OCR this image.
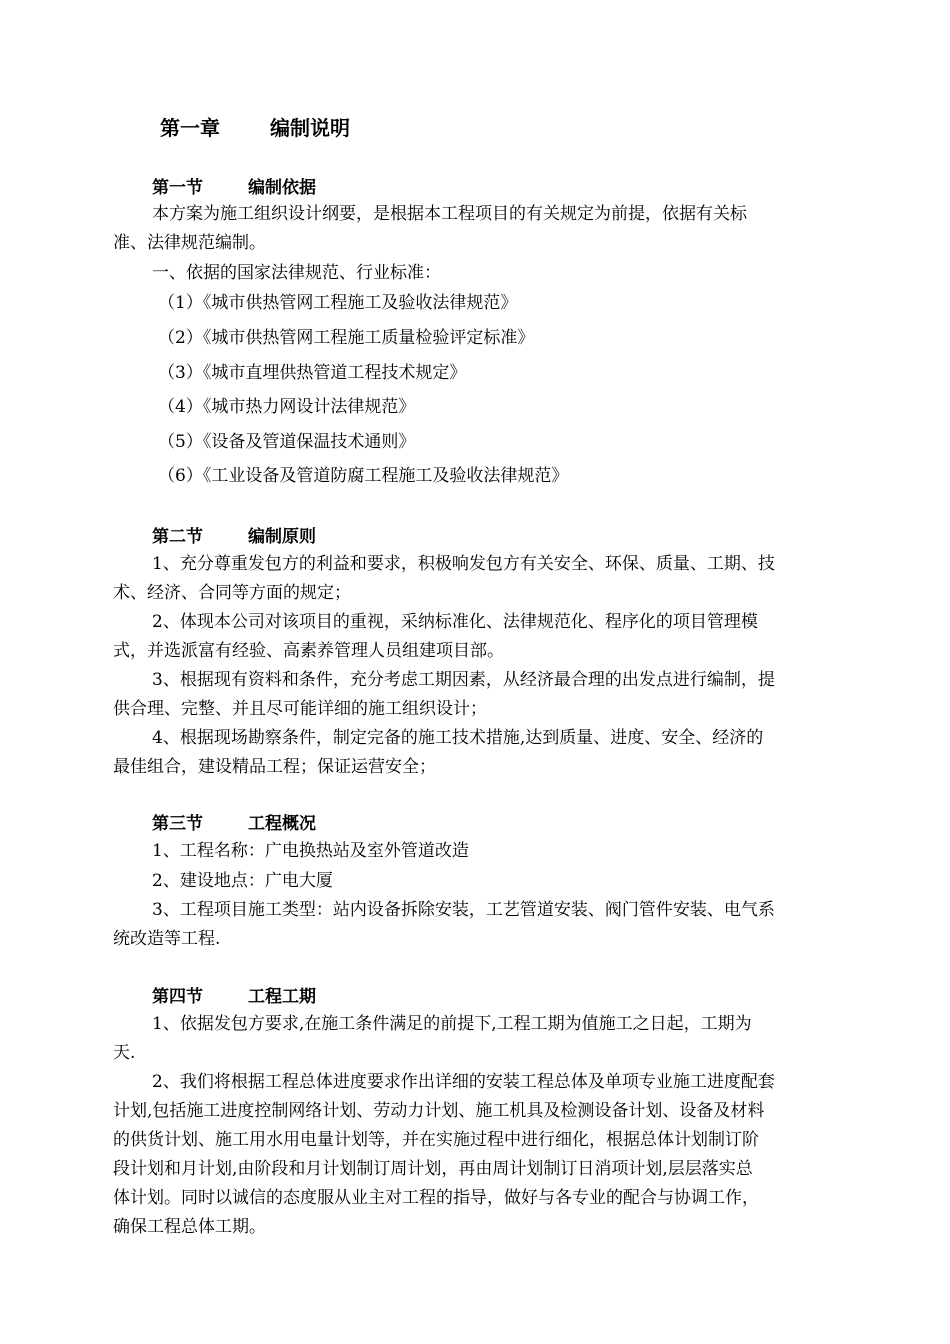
第一章	编制说明
第一节	编制依据
本方案为施工组织设计纲要，是根据本工程项目的有关规定为前提，依据有关标
准、法律规范编制。
一、依据的国家法律规范、行业标准：
（1）《城市供热管网工程施工及验收法律规范》
（2）《城市供热管网工程施工质量检验评定标准》
（3）《城市直埋供热管道工程技术规定》
（4）《城市热力网设计法律规范》
（5）《设备及管道保温技术通则》
（6）《工业设备及管道防腐工程施工及验收法律规范》
第二节	编制原则
1、充分尊重发包方的利益和要求，积极响发包方有关安全、环保、质量、工期、技
术、经济、合同等方面的规定；
2、体现本公司对该项目的重视，采纳标准化、法律规范化、程序化的项目管理模
式，并选派富有经验、高素养管理人员组建项目部。
3、根据现有资料和条件，充分考虑工期因素，从经济最合理的出发点进行编制，提
供合理、完整、并且尽可能详细的施工组织设计；
4、根据现场勘察条件，制定完备的施工技术措施,达到质量、进度、安全、经济的
最佳组合，建设精品工程；保证运营安全；
第三节	工程概况
1、工程名称：广电换热站及室外管道改造
2、建设地点：广电大厦
3、工程项目施工类型：站内设备拆除安装，工艺管道安装、阀门管件安装、电气系
统改造等工程.
第四节	工程工期
1、依据发包方要求,在施工条件满足的前提下,工程工期为值施工之日起，工期为
天.
2、我们将根据工程总体进度要求作出详细的安装工程总体及单项专业施工进度配套
计划,包括施工进度控制网络计划、劳动力计划、施工机具及检测设备计划、设备及材料
的供货计划、施工用水用电量计划等，并在实施过程中进行细化，根据总体计划制订阶
段计划和月计划,由阶段和月计划制订周计划，再由周计划制订日消项计划,层层落实总
体计划。同时以诚信的态度服从业主对工程的指导，做好与各专业的配合与协调工作，
确保工程总体工期。
